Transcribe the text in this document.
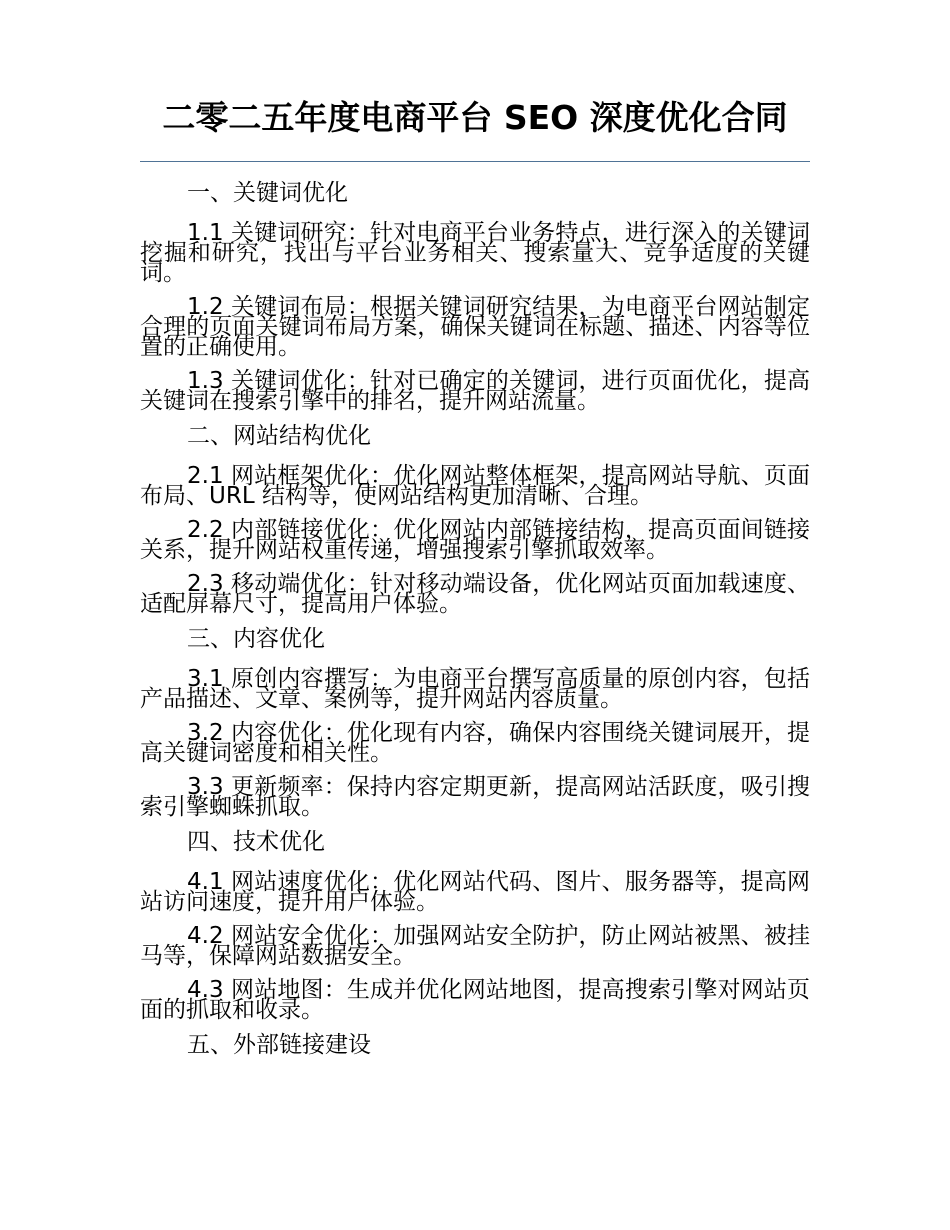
二零二五年度电商平台 SEO 深度优化合同
一、关键词优化

1.1 关键词研究：针对电商平台业务特点，进行深入的关键词挖掘和研究，找出与平台业务相关、搜索量大、竞争适度的关键词。

1.2 关键词布局：根据关键词研究结果，为电商平台网站制定合理的页面关键词布局方案，确保关键词在标题、描述、内容等位置的正确使用。

1.3 关键词优化：针对已确定的关键词，进行页面优化，提高关键词在搜索引擎中的排名，提升网站流量。

二、网站结构优化

2.1 网站框架优化：优化网站整体框架，提高网站导航、页面布局、URL 结构等，使网站结构更加清晰、合理。

2.2 内部链接优化：优化网站内部链接结构，提高页面间链接关系，提升网站权重传递，增强搜索引擎抓取效率。

2.3 移动端优化：针对移动端设备，优化网站页面加载速度、适配屏幕尺寸，提高用户体验。

三、内容优化

3.1 原创内容撰写：为电商平台撰写高质量的原创内容，包括产品描述、文章、案例等，提升网站内容质量。

3.2 内容优化：优化现有内容，确保内容围绕关键词展开，提高关键词密度和相关性。

3.3 更新频率：保持内容定期更新，提高网站活跃度，吸引搜索引擎蜘蛛抓取。

四、技术优化

4.1 网站速度优化：优化网站代码、图片、服务器等，提高网站访问速度，提升用户体验。

4.2 网站安全优化：加强网站安全防护，防止网站被黑、被挂马等，保障网站数据安全。

4.3 网站地图：生成并优化网站地图，提高搜索引擎对网站页面的抓取和收录。

五、外部链接建设
